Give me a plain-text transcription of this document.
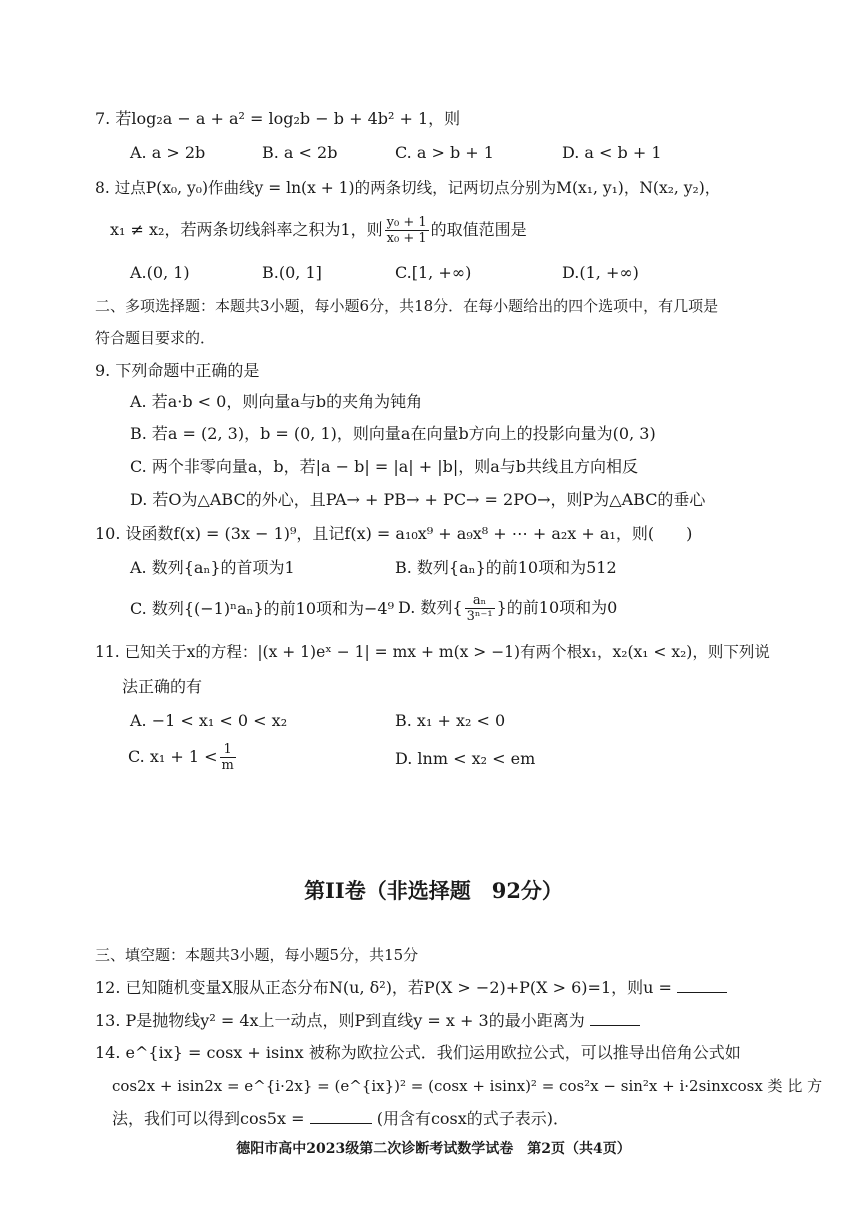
7. 若log₂a − a + a² = log₂b − b + 4b² + 1，则
A. a > 2b	B. a < 2b	C. a > b + 1	D. a < b + 1
8. 过点P(x₀, y₀)作曲线y = ln(x + 1)的两条切线，记两切点分别为M(x₁, y₁)，N(x₂, y₂)，
x₁ ≠ x₂，若两条切线斜率之积为1，则 $\frac{\text{y₀ + 1}}{\text{x₀ + 1}}$ 的取值范围是
A.(0, 1)	B.(0, 1]	C.[1, +∞)	D.(1, +∞)
二、多项选择题：本题共3小题，每小题6分，共18分．在每小题给出的四个选项中，有几项是
符合题目要求的．
9. 下列命题中正确的是
A. 若a·b < 0，则向量a与b的夹角为钝角
B. 若a = (2, 3)，b = (0, 1)，则向量a在向量b方向上的投影向量为(0, 3)
C. 两个非零向量a，b，若|a − b| = |a| + |b|，则a与b共线且方向相反
D. 若O为△ABC的外心，且PA→ + PB→ + PC→ = 2PO→，则P为△ABC的垂心
10. 设函数f(x) = (3x − 1)⁹，且记f(x) = a₁₀x⁹ + a₉x⁸ + ⋯ + a₂x + a₁，则(　　)
A. 数列{aₙ}的首项为1	B. 数列{aₙ}的前10项和为512
C. 数列{(−1)ⁿaₙ}的前10项和为−4⁹ D. 数列{ $\frac{\text{aₙ}}{\text{3ⁿ⁻¹}}$ }的前10项和为0
11. 已知关于x的方程：|(x + 1)eˣ − 1| = mx + m(x > −1)有两个根x₁，x₂(x₁ < x₂)，则下列说
法正确的有
A. −1 < x₁ < 0 < x₂	B. x₁ + x₂ < 0
C. $x_1 + 1 < \frac{1}{m}$	D. lnm < x₂ < em
第II卷（非选择题　92分）
三、填空题：本题共3小题，每小题5分，共15分
12. 已知随机变量X服从正态分布N(u, δ²)，若P(X > −2)+P(X > 6)=1，则u =
13. P是抛物线y² = 4x上一动点，则P到直线y = x + 3的最小距离为
14. e^{ix} = cosx + isinx 被称为欧拉公式．我们运用欧拉公式，可以推导出倍角公式如
cos2x + isin2x = e^{i·2x} = (e^{ix})² = (cosx + isinx)² = cos²x − sin²x + i·2sinxcosx 类 比 方
法，我们可以得到cos5x =	(用含有cosx的式子表示)．
德阳市高中2023级第二次诊断考试数学试卷　第2页（共4页）
